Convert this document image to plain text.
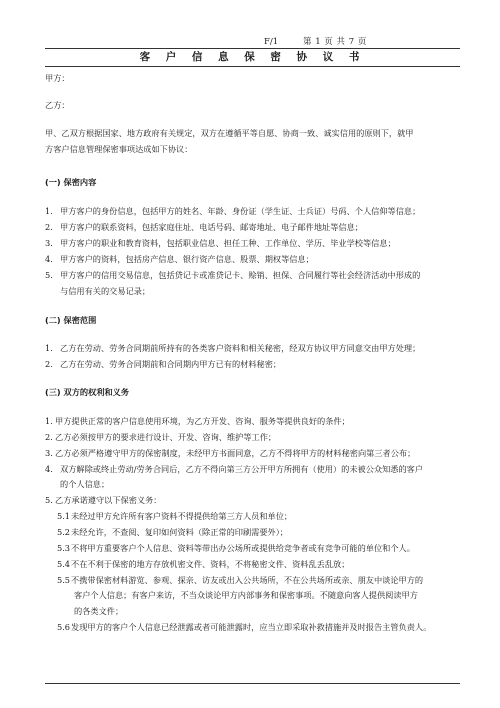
F/1	第 1 页 共 7 页
客 户 信 息 保 密 协 议 书
甲方：
乙方：
甲、乙双方根据国家、地方政府有关规定，双方在遵循平等自愿、协商一致、诚实信用的原则下，就甲
方客户信息管理保密事项达成如下协议：
(一) 保密内容
1. 甲方客户的身份信息，包括甲方的姓名、年龄、身份证（学生证、士兵证）号码、个人信仰等信息；
2. 甲方客户的联系资料，包括家庭住址、电话号码、邮寄地址、电子邮件地址等信息；
3. 甲方客户的职业和教育资料，包括职业信息、担任工种、工作单位、学历、毕业学校等信息；
4. 甲方客户的资料，包括房产信息、银行资产信息、股票、期权等信息；
5. 甲方客户的信用交易信息，包括贷记卡或准贷记卡、赊销、担保、合同履行等社会经济活动中形成的
与信用有关的交易记录；
(二) 保密范围
1. 乙方在劳动、劳务合同期前所持有的各类客户资料和相关秘密，经双方协议甲方同意交由甲方处理；
2. 乙方在劳动、劳务合同期前和合同期内甲方已有的材料秘密；
(三) 双方的权利和义务
1. 甲方提供正常的客户信息使用环境，为乙方开发、咨询、服务等提供良好的条件；
2. 乙方必须按甲方的要求进行设计、开发、咨询、维护等工作；
3. 乙方必须严格遵守甲方的保密制度，未经甲方书面同意，乙方不得将甲方的材料秘密向第三者公布；
4. 双方解除或终止劳动/劳务合同后，乙方不得向第三方公开甲方所拥有（使用）的未被公众知悉的客户
的个人信息；
5. 乙方承诺遵守以下保密义务：
5.1 未经过甲方允许所有客户资料不得提供给第三方人员和单位；
5.2 未经允许，不查阅、复印如何资料（除正常的印刷需要外）；
5.3 不将甲方重要客户个人信息、资料等带出办公场所或提供给竞争者或有竞争可能的单位和个人。
5.4 不在不利于保密的地方存放机密文件、资料，不将秘密文件、资料乱丢乱放；
5.5 不携带保密材料游览、参观、探亲、访友或出入公共场所，不在公共场所或亲、朋友中谈论甲方的
客户个人信息；有客户来访，不当众谈论甲方内部事务和保密事项。不随意向客人提供阅读甲方
的各类文件；
5.6 发现甲方的客户个人信息已经泄露或者可能泄露时，应当立即采取补救措施并及时报告主管负责人。
